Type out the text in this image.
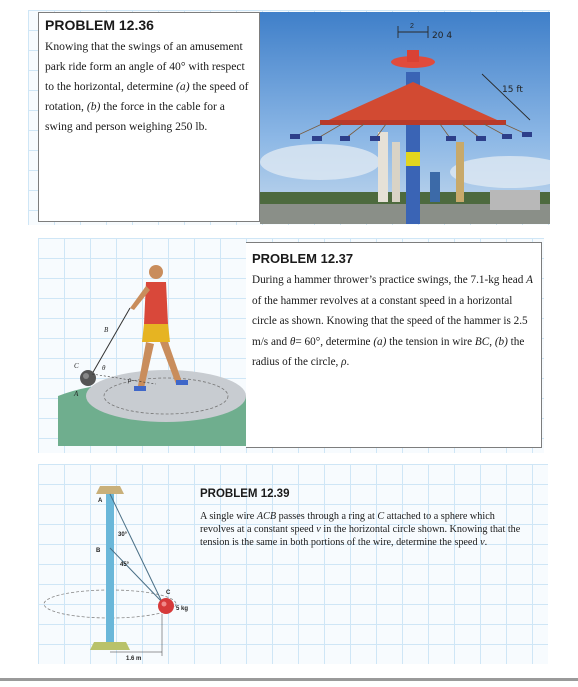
PROBLEM 12.36
Knowing that the swings of an amusement park ride form an angle of 40° with respect to the horizontal, determine (a) the speed of rotation, (b) the force in the cable for a swing and person weighing 250 lb.
2
20 4
15 ft
B
C	θ
A
ρ
PROBLEM 12.37
During a hammer thrower’s practice swings, the 7.1-kg head A of the hammer revolves at a constant speed in a horizontal circle as shown. Knowing that the speed of the hammer is 2.5 m/s and θ= 60°, determine (a) the tension in wire BC, (b) the radius of the circle, ρ.
A
B
C
30°
45°
5 kg
1.6 m
PROBLEM 12.39
A single wire ACB passes through a ring at C attached to a sphere which revolves at a constant speed v in the horizontal circle shown. Knowing that the tension is the same in both portions of the wire, determine the speed v.
